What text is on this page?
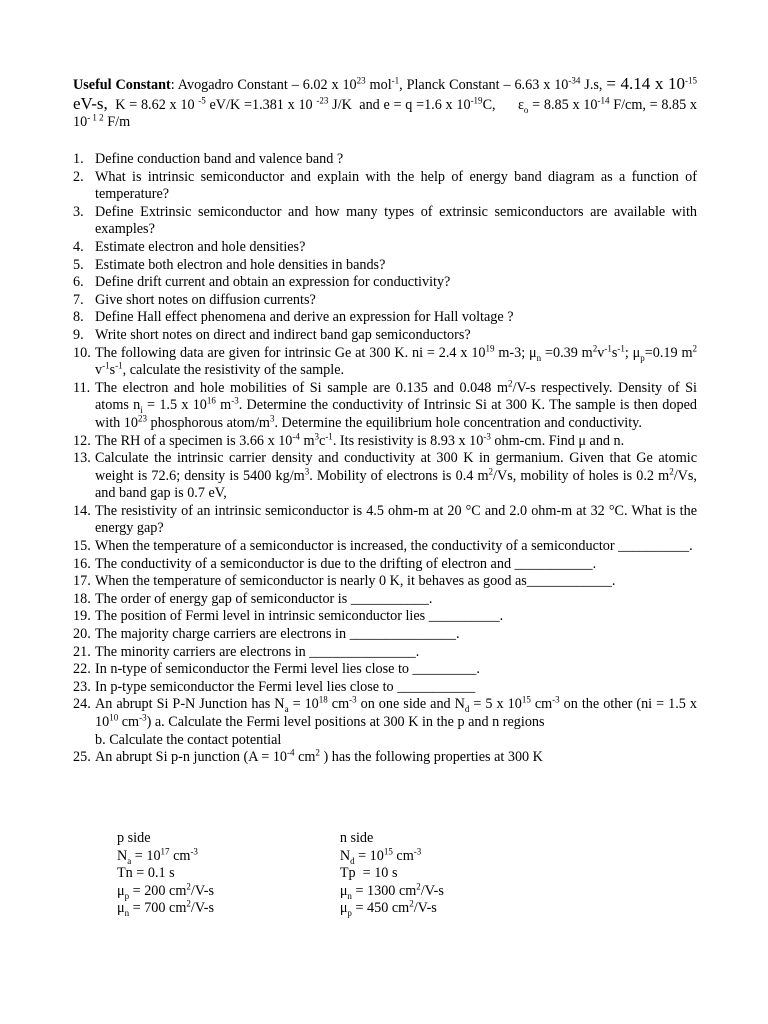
Useful Constant: Avogadro Constant – 6.02 x $10^{23}$ mol$^{-1}$, Planck Constant – 6.63 x $10^{-34}$ J.s, = 4.14 x $10^{-15}$ eV-s,  K = 8.62 x 10 $^{-5}$ eV/K =1.381 x 10 $^{-23}$ J/K  and e = q =1.6 x $10^{-19}C$,      $\varepsilon_o = 8.85$ x $10^{-14}$ F/cm, = 8.85 x $10^{- 1 2}$ F/m
1. Define conduction band and valence band ?
2. What is intrinsic semiconductor and explain with the help of energy band diagram as a function of temperature?
3. Define Extrinsic semiconductor and how many types of extrinsic semiconductors are available with examples?
4. Estimate electron and hole densities?
5. Estimate both electron and hole densities in bands?
6. Define drift current and obtain an expression for conductivity?
7. Give short notes on diffusion currents?
8. Define Hall effect phenomena and derive an expression for Hall voltage ?
9. Write short notes on direct and indirect band gap semiconductors?
10. The following data are given for intrinsic Ge at 300 K. ni = 2.4 x $10^{19}$ m-3; $\mu_n =0.39$ $m^2v^{-1}s^{-1}$; $\mu_p=0.19$ $m^2$ $v^{-1}s^{-1}$, calculate the resistivity of the sample.
11. The electron and hole mobilities of Si sample are 0.135 and 0.048 $m^2/V-s$ respectively. Density of Si atoms $n_i = 1.5$ x $10^{16}$ $m^{-3}$. Determine the conductivity of Intrinsic Si at 300 K. The sample is then doped with $10^{23}$ phosphorous atom/$m^3$. Determine the equilibrium hole concentration and conductivity.
12. The RH of a specimen is 3.66 x $10^{-4}$ $m^3c^{-1}$. Its resistivity is 8.93 x $10^{-3}$ ohm-cm. Find μ and n.
13. Calculate the intrinsic carrier density and conductivity at 300 K in germanium. Given that Ge atomic weight is 72.6; density is 5400 $kg/m^3$. Mobility of electrons is 0.4 $m^2/Vs$, mobility of holes is 0.2 $m^2/Vs$, and band gap is 0.7 eV,
14. The resistivity of an intrinsic semiconductor is 4.5 ohm-m at 20 °C and 2.0 ohm-m at 32 °C. What is the energy gap?
15. When the temperature of a semiconductor is increased, the conductivity of a semiconductor __________.
16. The conductivity of a semiconductor is due to the drifting of electron and ___________.
17. When the temperature of semiconductor is nearly 0 K, it behaves as good as____________.
18. The order of energy gap of semiconductor is ___________.
19. The position of Fermi level in intrinsic semiconductor lies __________.
20. The majority charge carriers are electrons in _______________.
21. The minority carriers are electrons in _______________.
22. In n-type of semiconductor the Fermi level lies close to _________.
23. In p-type semiconductor the Fermi level lies close to ___________
24. An abrupt Si P-N Junction has $N_a = 10^{18}$ $cm^{-3}$ on one side and $N_d = 5$ x $10^{15}$ $cm^{-3}$ on the other (ni = 1.5 x $10^{10}$ $cm^{-3}$) a. Calculate the Fermi level positions at 300 K in the p and n regions
b. Calculate the contact potential
25. An abrupt Si p-n junction ($A = 10^{-4}$ $cm^2$ ) has the following properties at 300 K
p side	n side
$N_a = 10^{17}$ $cm^{-3}$	$N_d = 10^{15}$ $cm^{-3}$
Tn = 0.1 s	Tp  = 10 s
$\mu_p = 200$ $cm^2/V-s$	$\mu_n = 1300$ $cm^2/V-s$
$\mu_n = 700$ $cm^2/V-s$	$\mu_p = 450$ $cm^2/V-s$
